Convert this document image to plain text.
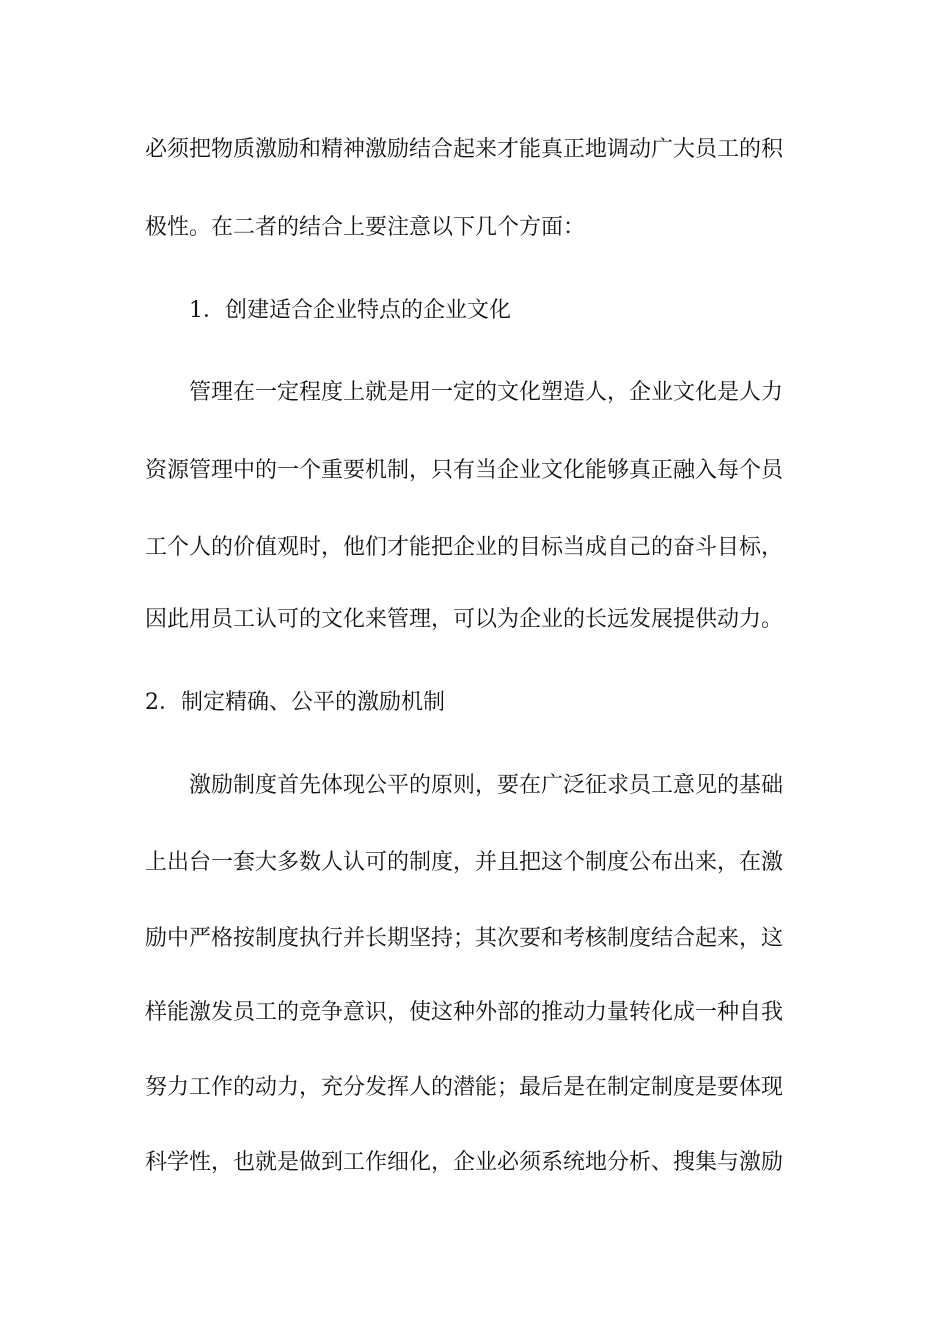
必须把物质激励和精神激励结合起来才能真正地调动广大员工的积
极性。在二者的结合上要注意以下几个方面：
1．创建适合企业特点的企业文化
管理在一定程度上就是用一定的文化塑造人，企业文化是人力
资源管理中的一个重要机制，只有当企业文化能够真正融入每个员
工个人的价值观时，他们才能把企业的目标当成自己的奋斗目标，
因此用员工认可的文化来管理，可以为企业的长远发展提供动力。
2．制定精确、公平的激励机制
激励制度首先体现公平的原则，要在广泛征求员工意见的基础
上出台一套大多数人认可的制度，并且把这个制度公布出来，在激
励中严格按制度执行并长期坚持；其次要和考核制度结合起来，这
样能激发员工的竞争意识，使这种外部的推动力量转化成一种自我
努力工作的动力，充分发挥人的潜能；最后是在制定制度是要体现
科学性，也就是做到工作细化，企业必须系统地分析、搜集与激励
